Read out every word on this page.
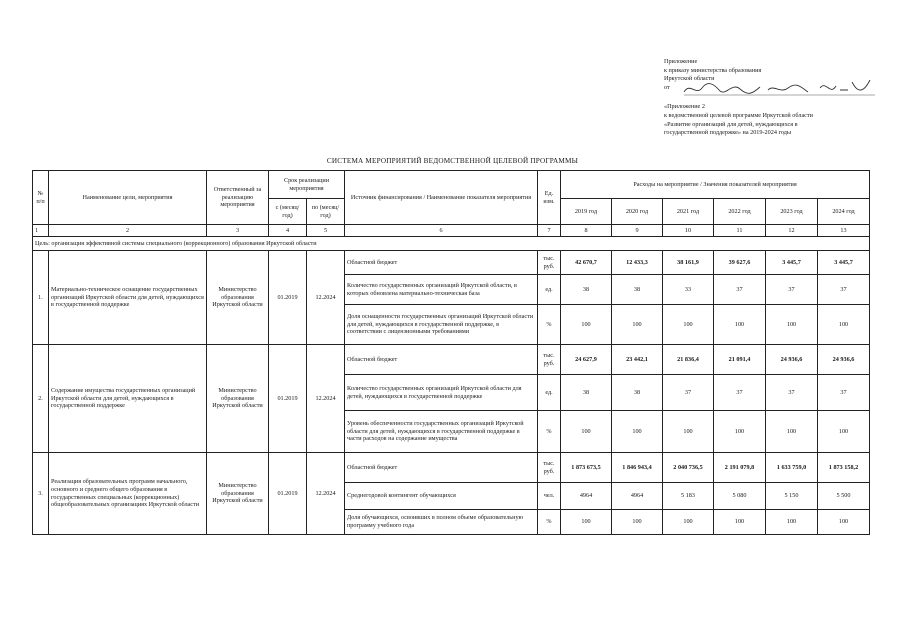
Приложение
к приказу министерства образования
Иркутской области
от
«Приложение 2
к ведомственной целевой программе Иркутской области
«Развитие организаций для детей, нуждающихся в
государственной поддержке» на 2019-2024 годы
СИСТЕМА МЕРОПРИЯТИЙ ВЕДОМСТВЕННОЙ ЦЕЛЕВОЙ ПРОГРАММЫ
№ п/п	Наименование цели, мероприятия	Ответственный за реализацию мероприятия	Срок реализации мероприятия		Источник финансирования / Наименование показателя мероприятия	Ед. изм.	Расходы на мероприятие / Значения показателей мероприятия					
			с (месяц/ год)	по (месяц/ год)			2019 год	2020 год	2021 год	2022 год	2023 год	2024 год
1	2	3	4	5	6	7	8	9	10	11	12	13
Цель: организация эффективной системы специального (коррекционного) образования Иркутской области												
1.	Материально-техническое оснащение государственных организаций Иркутской области для детей, нуждающихся в государственной поддержке	Министерство образования Иркутской области	01.2019	12.2024	Областной бюджет	тыс. руб.	42 670,7	12 433,3	38 161,9	39 627,6	3 445,7	3 445,7
					Количество государственных организаций Иркутской области, в которых обновлена материально-техническая база	ед.	38	38	33	37	37	37
					Доля оснащенности государственных организаций Иркутской области для детей, нуждающихся в государственной поддержке, в соответствии с лицензионными требованиями	%	100	100	100	100	100	100
2.	Содержание имущества государственных организаций Иркутской области для детей, нуждающихся в государственной поддержке	Министерство образования Иркутской области	01.2019	12.2024	Областной бюджет	тыс. руб.	24 627,9	23 442,1	21 836,4	21 091,4	24 936,6	24 936,6
					Количество государственных организаций Иркутской области для детей, нуждающихся в государственной поддержке	ед.	38	38	37	37	37	37
					Уровень обеспеченности государственных организаций Иркутской области для детей, нуждающихся в государственной поддержке в части расходов на содержание имущества	%	100	100	100	100	100	100
3.	Реализация образовательных программ начального, основного и среднего общего образования в государственных специальных (коррекционных) общеобразовательных организациях Иркутской области	Министерство образования Иркутской области	01.2019	12.2024	Областной бюджет	тыс. руб.	1 873 673,5	1 846 943,4	2 040 736,5	2 191 079,8	1 633 759,0	1 873 158,2
					Среднегодовой контингент обучающихся	чел.	4964	4964	5 183	5 080	5 150	5 500
					Доля обучающихся, освоивших в полном объеме образовательную программу учебного года	%	100	100	100	100	100	100
